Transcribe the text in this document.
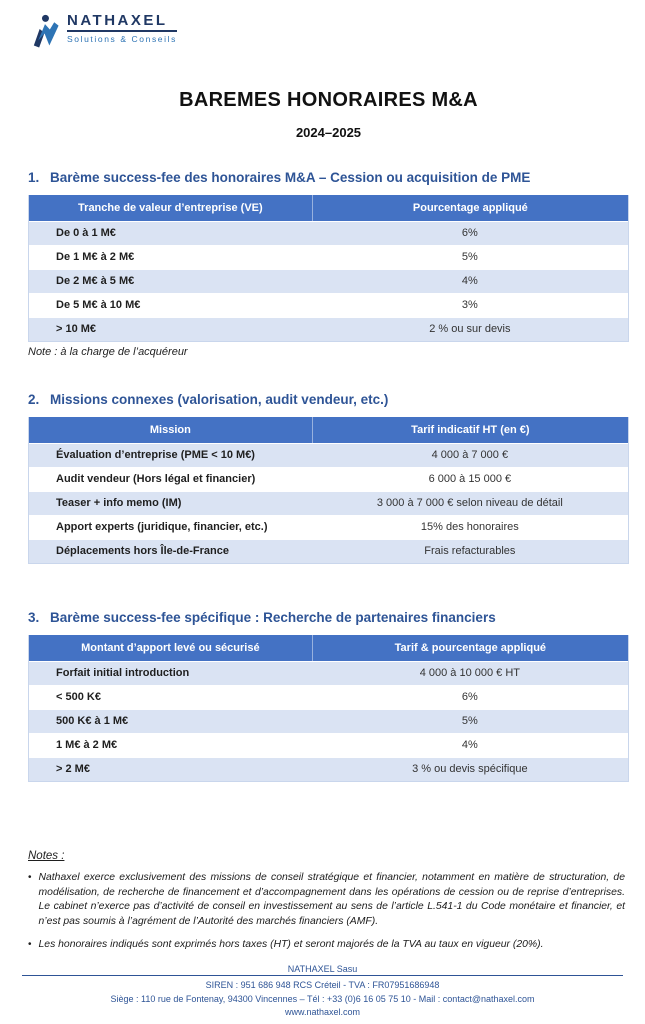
NATHAXEL
Solutions & Conseils
BAREMES HONORAIRES M&A
2024–2025
1. Barème success-fee des honoraires M&A – Cession ou acquisition de PME
Tranche de valeur d’entreprise (VE)	Pourcentage appliqué
De 0 à 1 M€	6%
De 1 M€ à 2 M€	5%
De 2 M€ à 5 M€	4%
De 5 M€ à 10 M€	3%
> 10 M€	2 % ou sur devis
Note : à la charge de l’acquéreur
2. Missions connexes (valorisation, audit vendeur, etc.)
Mission	Tarif indicatif HT (en €)
Évaluation d’entreprise (PME < 10 M€)	4 000 à 7 000 €
Audit vendeur (Hors légal et financier)	6 000 à 15 000 €
Teaser + info memo (IM)	3 000 à 7 000 € selon niveau de détail
Apport experts (juridique, financier, etc.)	15% des honoraires
Déplacements hors Île-de-France	Frais refacturables
3. Barème success-fee spécifique : Recherche de partenaires financiers
Montant d’apport levé ou sécurisé	Tarif & pourcentage appliqué
Forfait initial introduction	4 000 à 10 000 € HT
< 500 K€	6%
500 K€ à 1 M€	5%
1 M€ à 2 M€	4%
> 2 M€	3 % ou devis spécifique
Notes :
• Nathaxel exerce exclusivement des missions de conseil stratégique et financier, notamment en matière de structuration, de modélisation, de recherche de financement et d’accompagnement dans les opérations de cession ou de reprise d’entreprises. Le cabinet n’exerce pas d’activité de conseil en investissement au sens de l’article L.541-1 du Code monétaire et financier, et n’est pas soumis à l’agrément de l’Autorité des marchés financiers (AMF).
• Les honoraires indiqués sont exprimés hors taxes (HT) et seront majorés de la TVA au taux en vigueur (20%).
NATHAXEL Sasu
SIREN : 951 686 948 RCS Créteil - TVA : FR07951686948
Siège : 110 rue de Fontenay, 94300 Vincennes – Tél : +33 (0)6 16 05 75 10 - Mail : contact@nathaxel.com
www.nathaxel.com
